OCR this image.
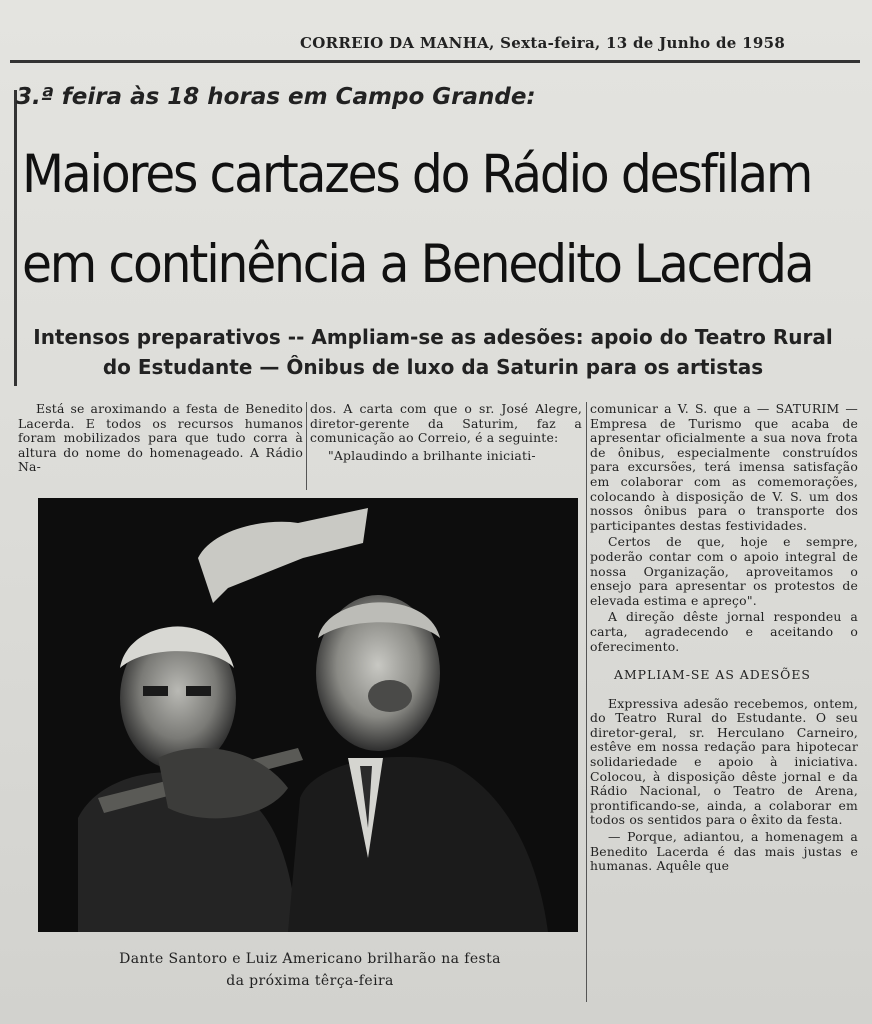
CORREIO DA MANHA, Sexta-feira, 13 de Junho de 1958
3.ª feira às 18 horas em Campo Grande:
Maiores cartazes do Rádio desfilam
em continência a Benedito Lacerda
Intensos preparativos -- Ampliam-se as adesões: apoio do Teatro Rural
do Estudante — Ônibus de luxo da Saturin para os artistas

Está se aroximando a festa de Benedito Lacerda. E todos os recursos humanos foram mobilizados para que tudo corra à altura do nome do homenageado. A Rádio Na-

dos. A carta com que o sr. José Alegre, diretor-gerente da Saturim, faz a comunicação ao Correio, é a seguinte:

"Aplaudindo a brilhante iniciati-

comunicar a V. S. que a — SATURIM — Empresa de Turismo que acaba de apresentar oficialmente a sua nova frota de ônibus, especialmente construídos para excursões, terá imensa satisfação em colaborar com as comemorações, colocando à disposição de V. S. um dos nossos ônibus para o transporte dos participantes destas festividades.

Certos de que, hoje e sempre, poderão contar com o apoio integral de nossa Organização, aproveitamos o ensejo para apresentar os protestos de elevada estima e apreço".

A direção dêste jornal respondeu a carta, agradecendo e aceitando o oferecimento.

AMPLIAM-SE AS ADESÕES

Expressiva adesão recebemos, ontem, do Teatro Rural do Estudante. O seu diretor-geral, sr. Herculano Carneiro, estêve em nossa redação para hipotecar solidariedade e apoio à iniciativa. Colocou, à disposição dêste jornal e da Rádio Nacional, o Teatro de Arena, prontificando-se, ainda, a colaborar em todos os sentidos para o êxito da festa.

— Porque, adiantou, a homenagem a Benedito Lacerda é das mais justas e humanas. Aquêle que

Dante Santoro e Luiz Americano brilharão na festa
da próxima têrça-feira
